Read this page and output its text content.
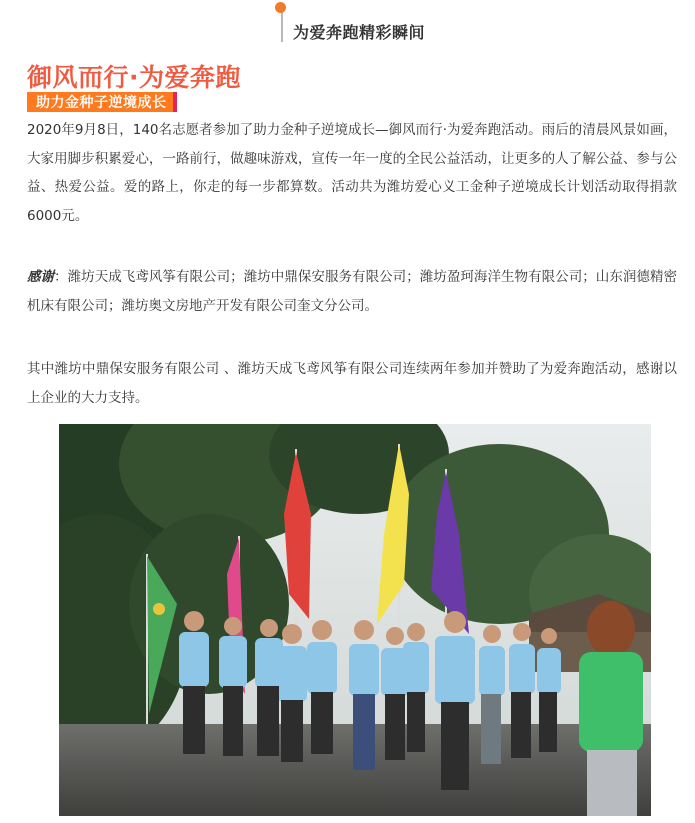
为爱奔跑精彩瞬间
御风而行·为爱奔跑
助力金种子逆境成长
2020年9月8日，140名志愿者参加了助力金种子逆境成长—御风而行·为爱奔跑活动。雨后的清晨风景如画，大家用脚步积累爱心，一路前行，做趣味游戏，宣传一年一度的全民公益活动，让更多的人了解公益、参与公益、热爱公益。爱的路上，你走的每一步都算数。活动共为潍坊爱心义工金种子逆境成长计划活动取得捐款6000元。
感谢：潍坊天成飞鸢风筝有限公司；潍坊中鼎保安服务有限公司；潍坊盈珂海洋生物有限公司；山东润德精密机床有限公司；潍坊奥文房地产开发有限公司奎文分公司。
其中潍坊中鼎保安服务有限公司 、潍坊天成飞鸢风筝有限公司连续两年参加并赞助了为爱奔跑活动，感谢以上企业的大力支持。
